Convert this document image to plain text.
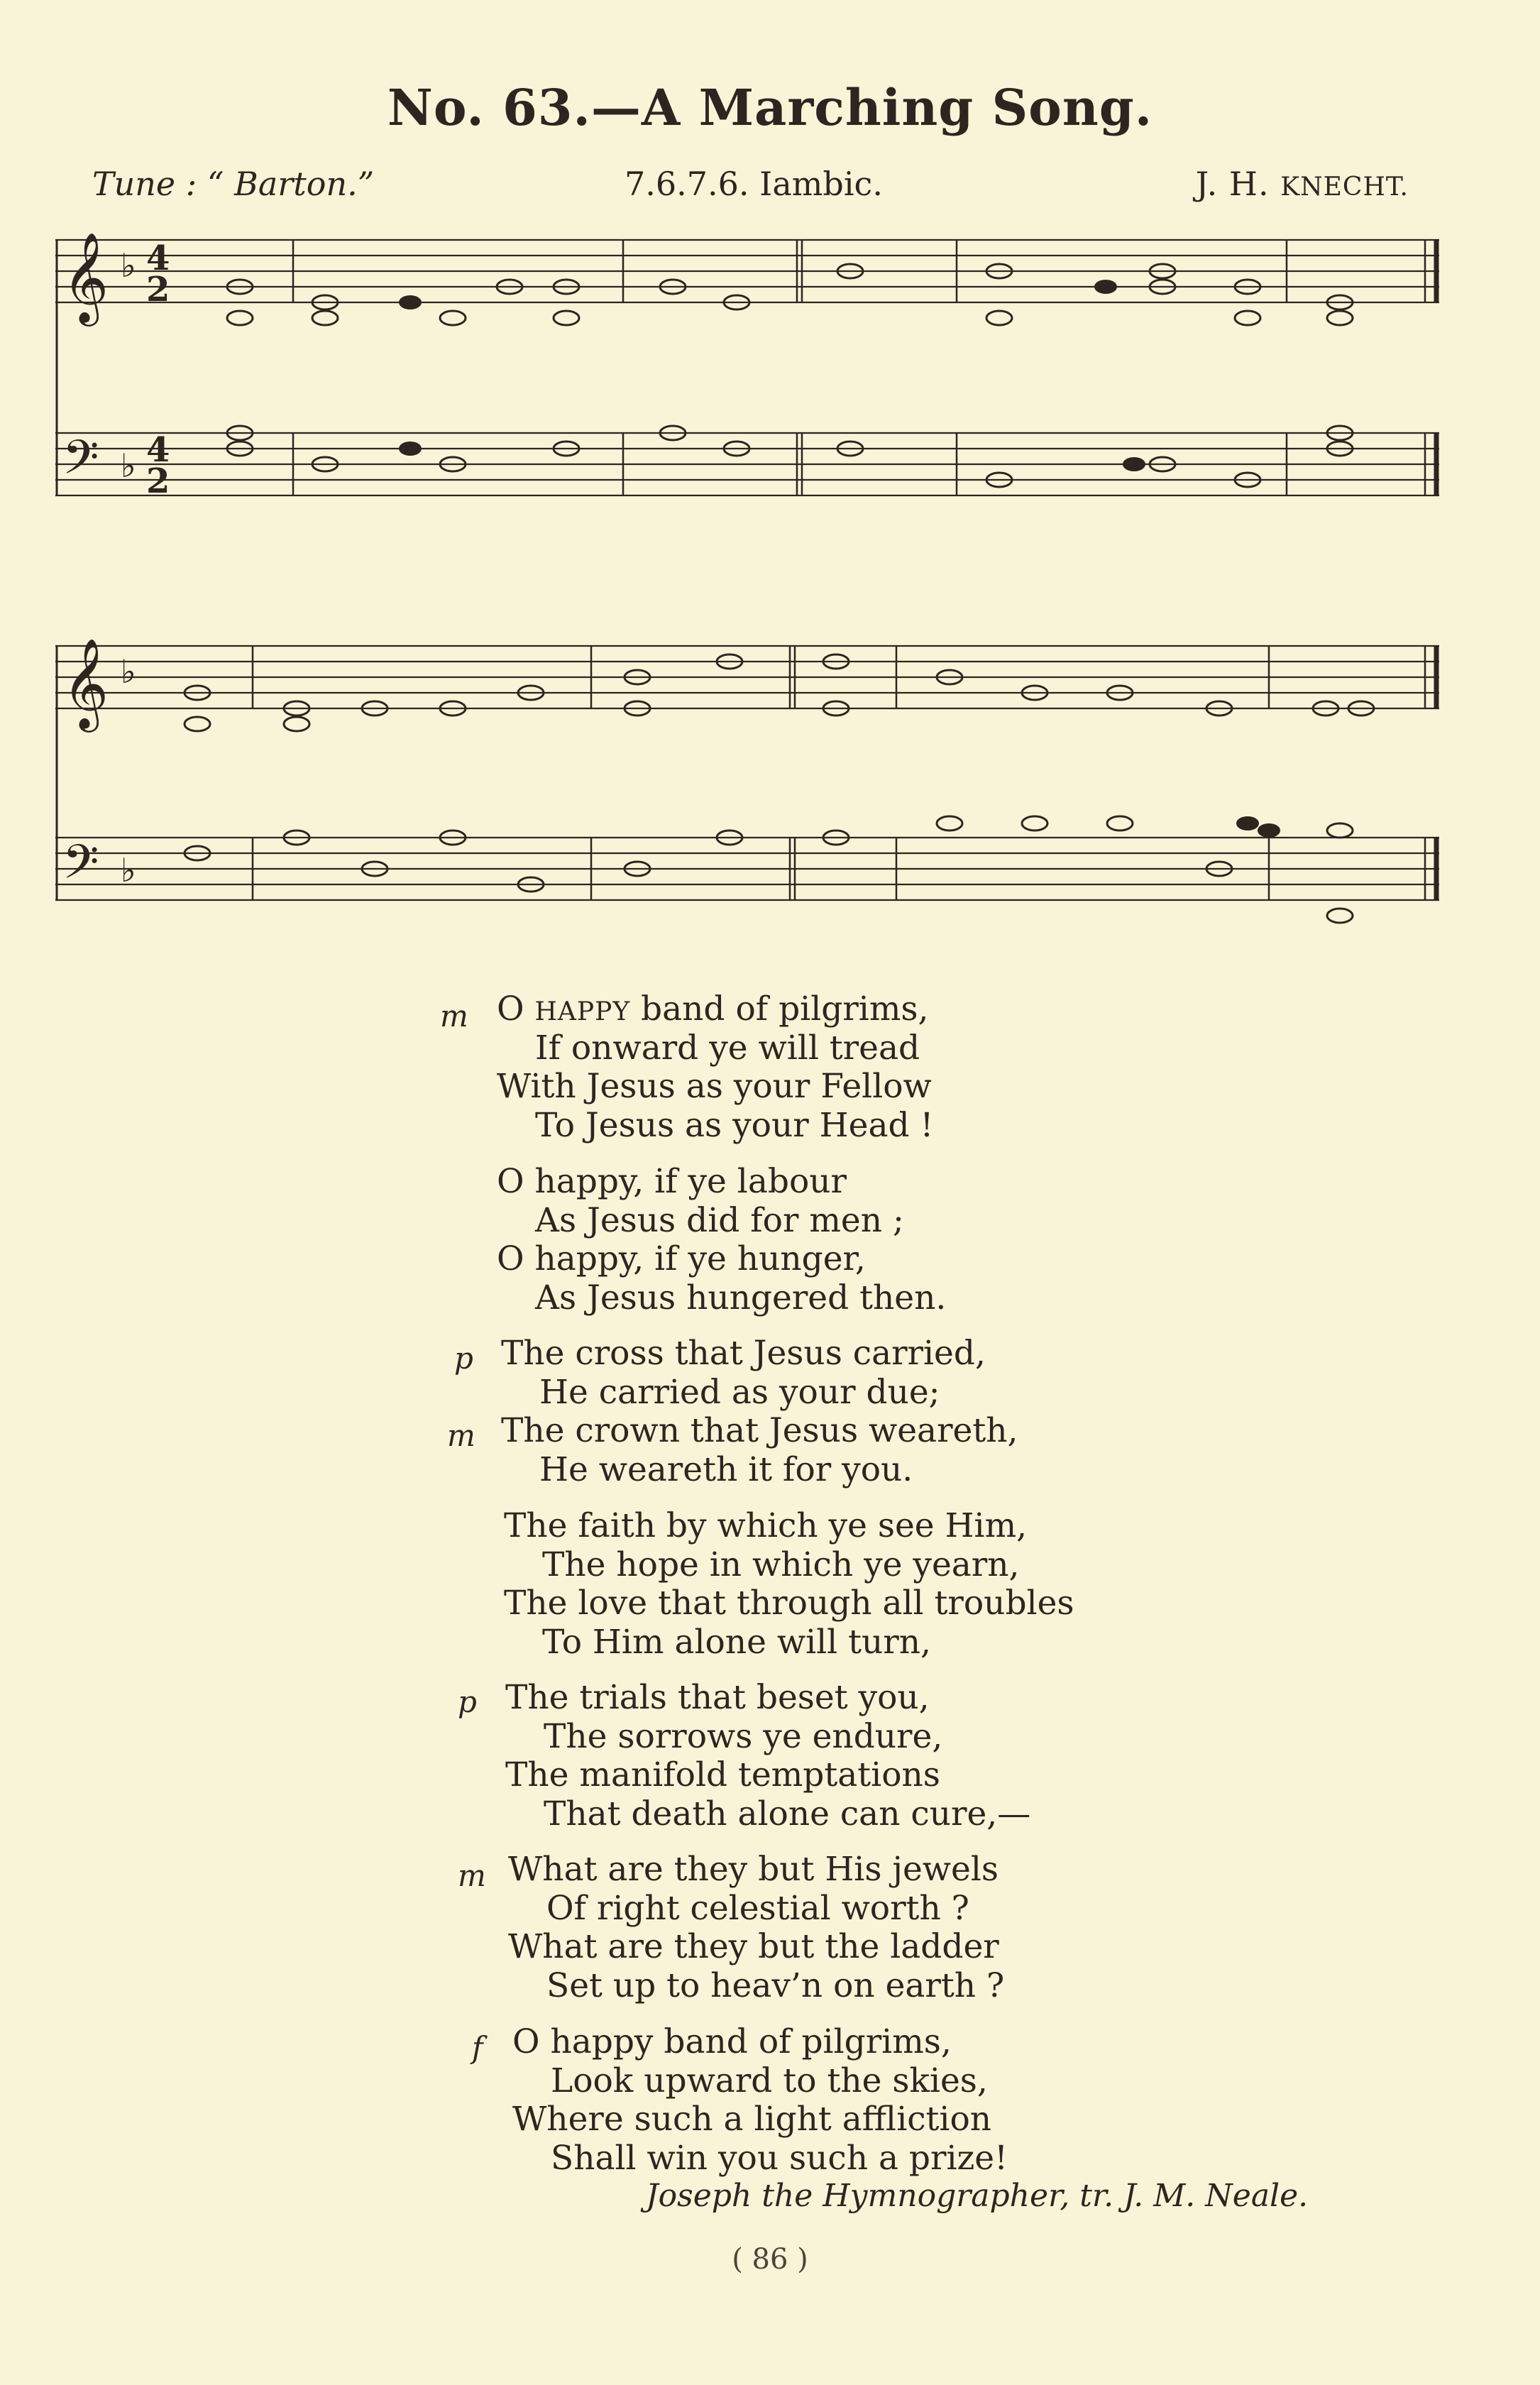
No. 63.—A Marching Song.
Tune : “ Barton.”	7.6.7.6. Iambic.	J. H. KNECHT.
𝄞
𝄢
♭
♭
4
2
4
2
𝄞
𝄢
♭
♭
m O HAPPY band of pilgrims,
If onward ye will tread
With Jesus as your Fellow
To Jesus as your Head !
O happy, if ye labour
As Jesus did for men ;
O happy, if ye hunger,
As Jesus hungered then.
p
m
The cross that Jesus carried,
He carried as your due;
The crown that Jesus weareth,
He weareth it for you.
The faith by which ye see Him,
The hope in which ye yearn,
The love that through all troubles
To Him alone will turn,
p The trials that beset you,
The sorrows ye endure,
The manifold temptations
That death alone can cure,—
m What are they but His jewels
Of right celestial worth ?
What are they but the ladder
Set up to heav’n on earth ?
f O happy band of pilgrims,
Look upward to the skies,
Where such a light affliction
Shall win you such a prize!
Joseph the Hymnographer, tr. J. M. Neale.
( 86 )
